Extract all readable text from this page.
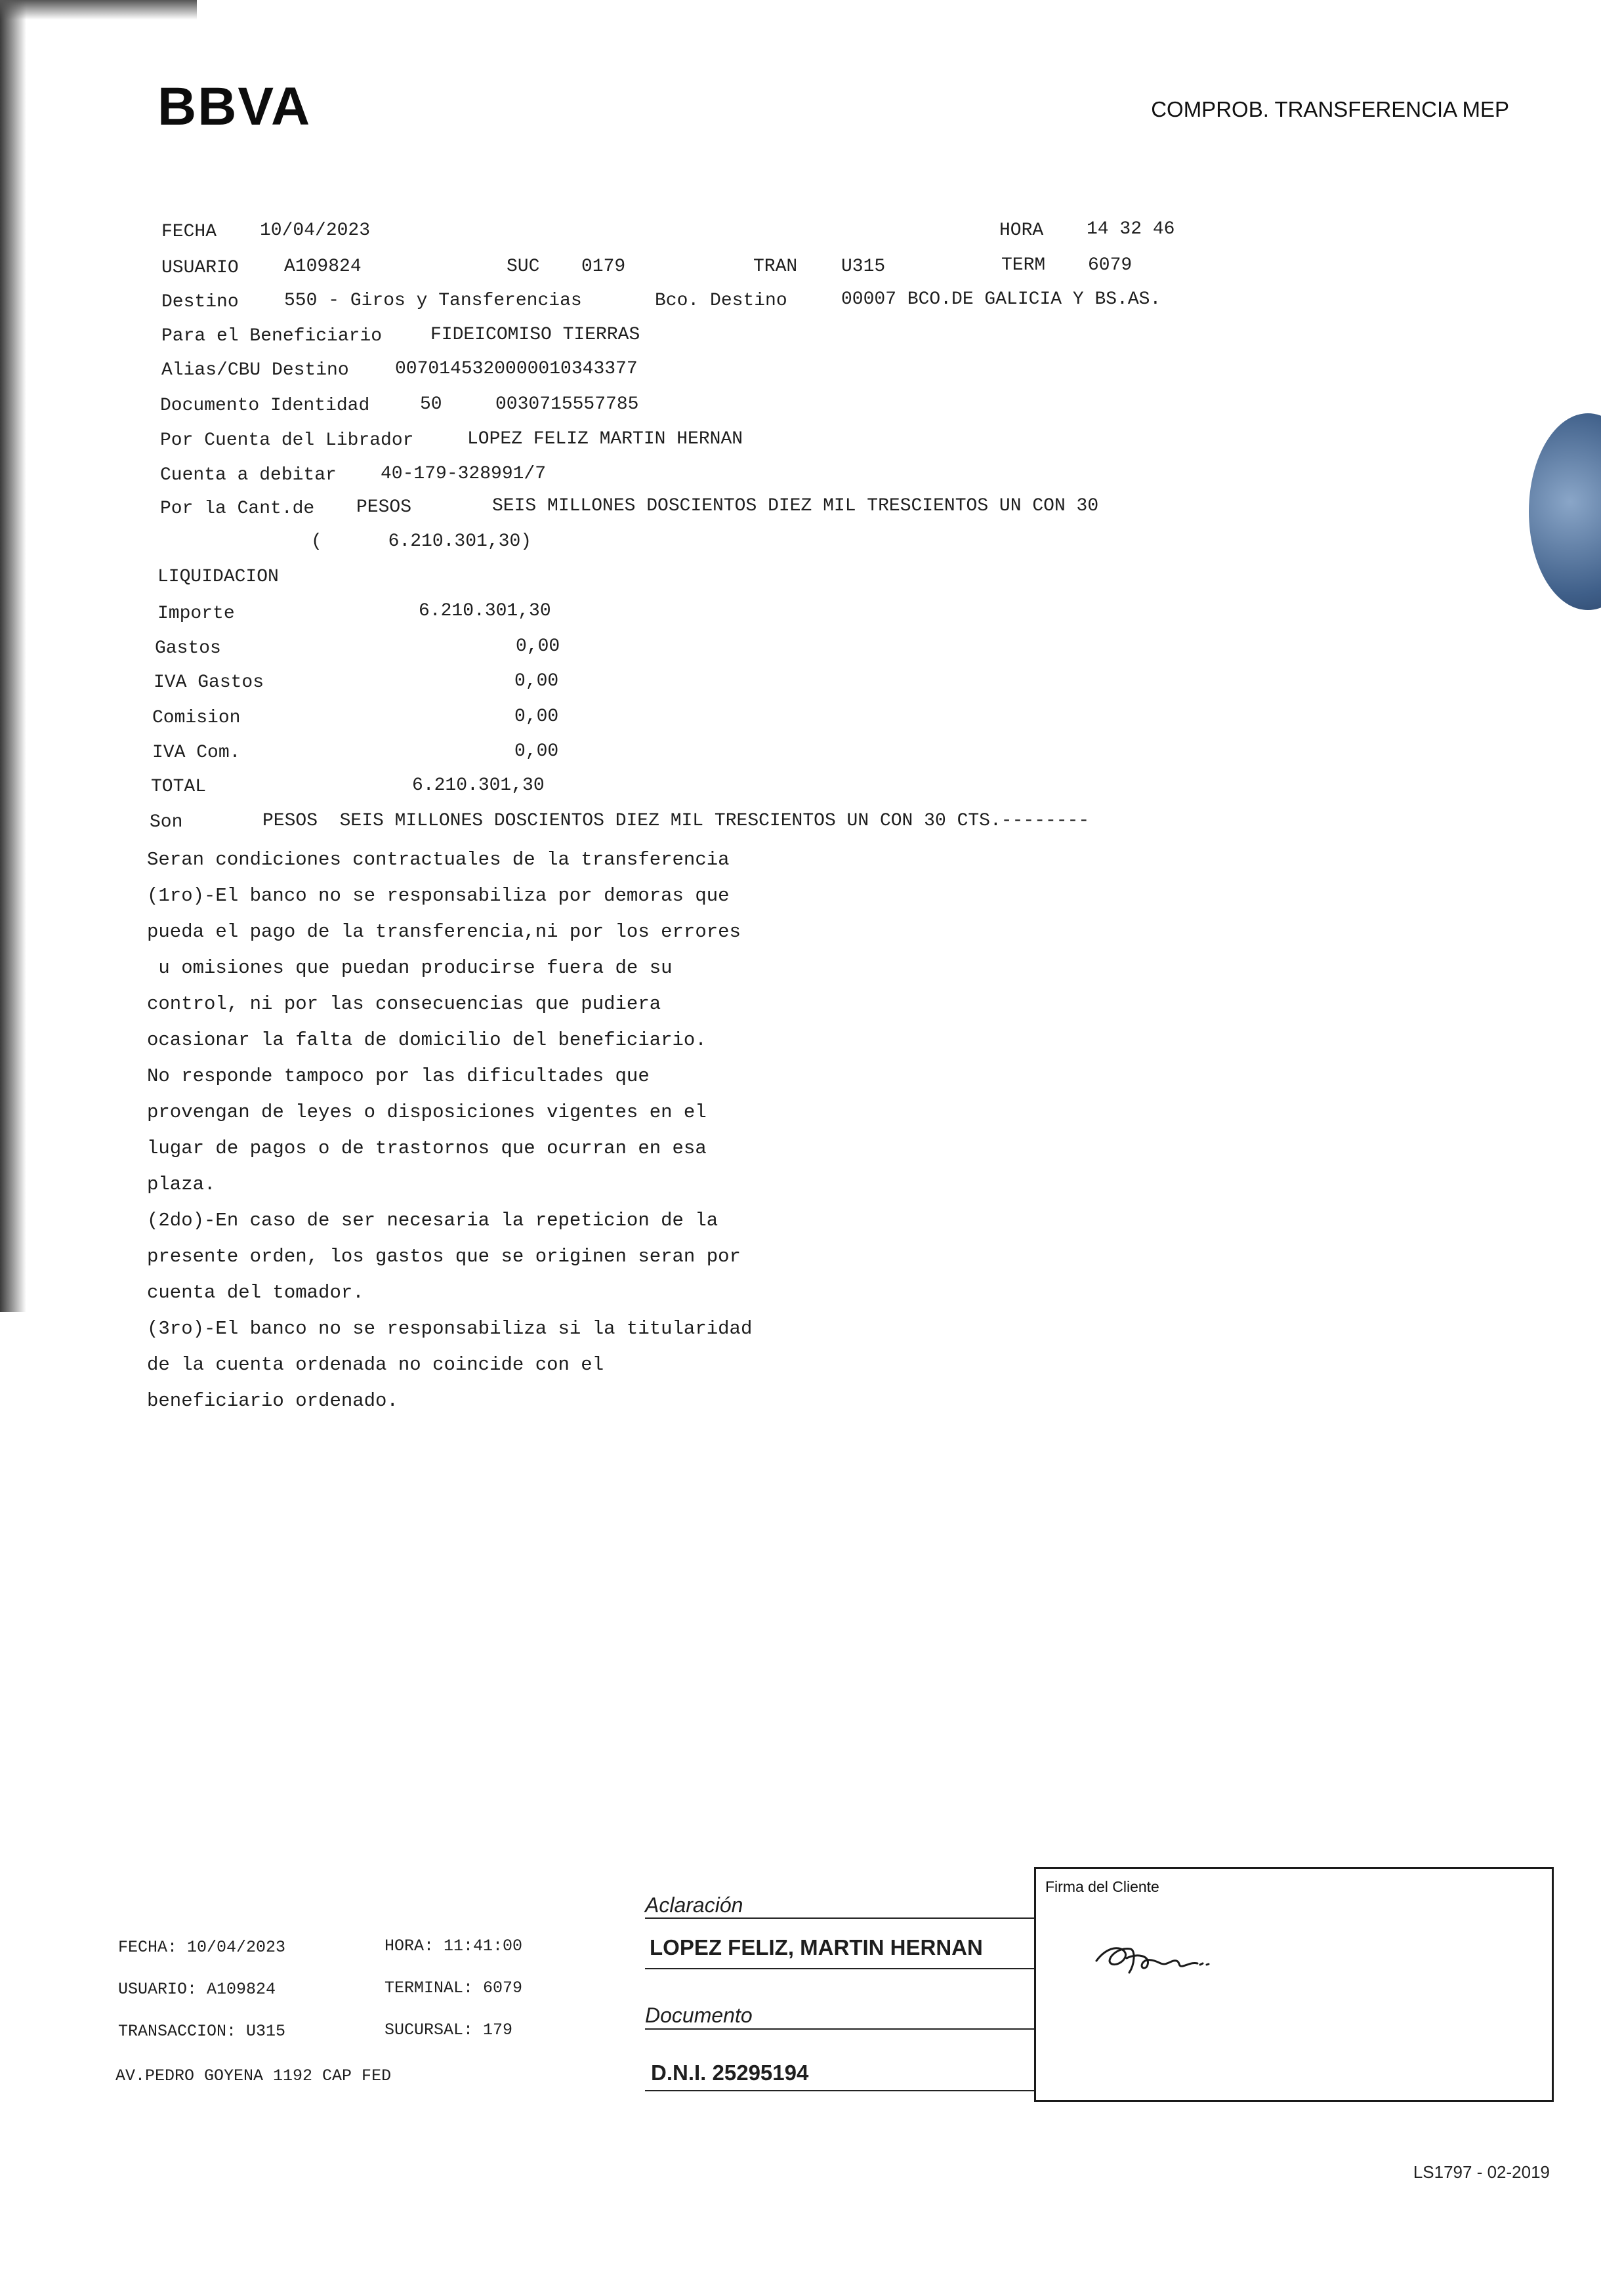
BBVA	COMPROB. TRANSFERENCIA MEP
FECHA 10/04/2023	HORA 14 32 46
USUARIO A109824	SUC 0179	TRAN U315	TERM 6079
Destino 550 - Giros y Tansferencias	Bco. Destino	00007 BCO.DE GALICIA Y BS.AS.
Para el Beneficiario	FIDEICOMISO TIERRAS
Alias/CBU Destino	0070145320000010343377
Documento Identidad	50	0030715557785
Por Cuenta del Librador	LOPEZ FELIZ MARTIN HERNAN
Cuenta a debitar 40-179-328991/7
Por la Cant.de PESOS	SEIS MILLONES DOSCIENTOS DIEZ MIL TRESCIENTOS UN CON 30
(      6.210.301,30)
LIQUIDACION
Importe	6.210.301,30
Gastos	0,00
IVA Gastos	0,00
Comision	0,00
IVA Com.	0,00
TOTAL	6.210.301,30
Son	PESOS  SEIS MILLONES DOSCIENTOS DIEZ MIL TRESCIENTOS UN CON 30 CTS.--------
Seran condiciones contractuales de la transferencia
(1ro)-El banco no se responsabiliza por demoras que
pueda el pago de la transferencia,ni por los errores
u omisiones que puedan producirse fuera de su
control, ni por las consecuencias que pudiera
ocasionar la falta de domicilio del beneficiario.
No responde tampoco por las dificultades que
provengan de leyes o disposiciones vigentes en el
lugar de pagos o de trastornos que ocurran en esa
plaza.
(2do)-En caso de ser necesaria la repeticion de la
presente orden, los gastos que se originen seran por
cuenta del tomador.
(3ro)-El banco no se responsabiliza si la titularidad
de la cuenta ordenada no coincide con el
beneficiario ordenado.
FECHA: 10/04/2023	HORA: 11:41:00
USUARIO: A109824	TERMINAL: 6079
TRANSACCION: U315	SUCURSAL: 179
AV.PEDRO GOYENA 1192 CAP FED
Aclaración
LOPEZ FELIZ, MARTIN HERNAN
Documento
D.N.I. 25295194
Firma del Cliente
LS1797 - 02-2019
